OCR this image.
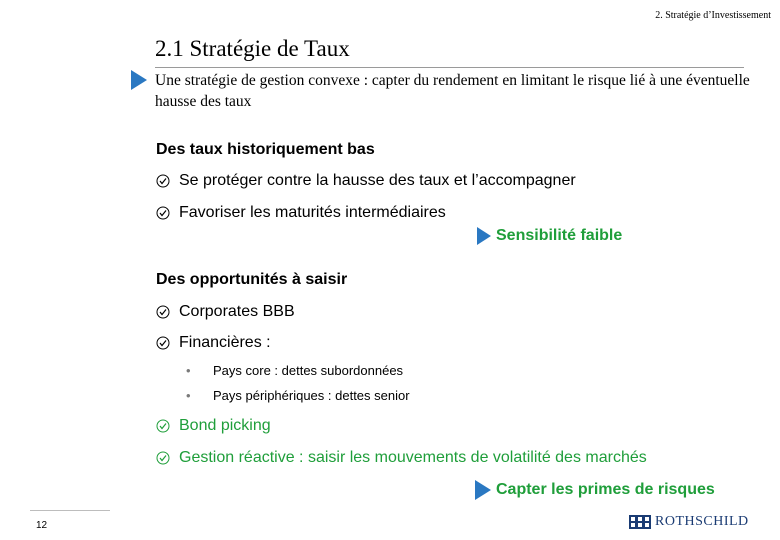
2. Stratégie d’Investissement
2.1 Stratégie de Taux
Une stratégie de gestion convexe : capter du rendement en limitant le risque lié à une éventuelle hausse des taux
Des taux historiquement bas
Se protéger contre la hausse des taux et l’accompagner
Favoriser les maturités intermédiaires
Sensibilité faible
Des opportunités à saisir
Corporates BBB
Financières :
•	Pays core : dettes subordonnées
•	Pays périphériques : dettes senior
Bond picking
Gestion réactive : saisir les mouvements de volatilité des marchés
Capter les primes de risques
12	ROTHSCHILD
